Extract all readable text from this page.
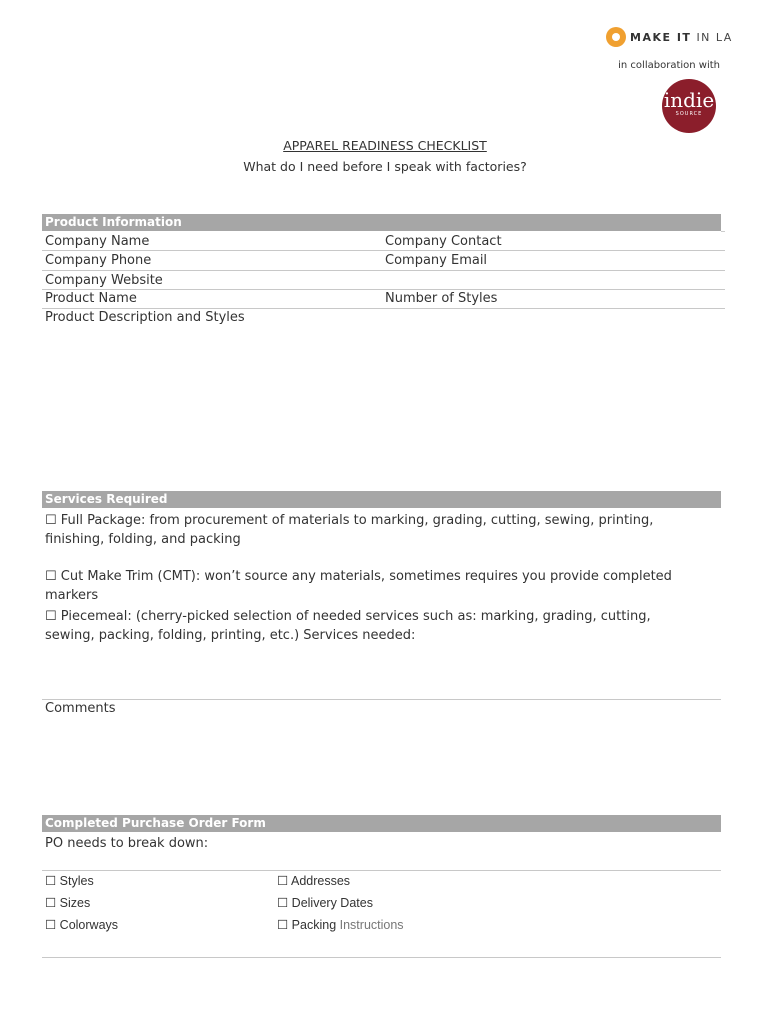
MAKE IT IN LA
in collaboration with
indie
SOURCE
APPAREL READINESS CHECKLIST
What do I need before I speak with factories?
Product Information
Company Name	Company Contact
Company Phone	Company Email
Company Website
Product Name	Number of Styles
Product Description and Styles
Services Required
☐ Full Package: from procurement of materials to marking, grading, cutting, sewing, printing, finishing, folding, and packing
☐ Cut Make Trim (CMT): won’t source any materials, sometimes requires you provide completed markers
☐ Piecemeal: (cherry-picked selection of needed services such as: marking, grading, cutting, sewing, packing, folding, printing, etc.) Services needed:
Comments
Completed Purchase Order Form
PO needs to break down:
☐ Styles
☐ Sizes
☐ Colorways
☐ Addresses
☐ Delivery Dates
☐ Packing Instructions
